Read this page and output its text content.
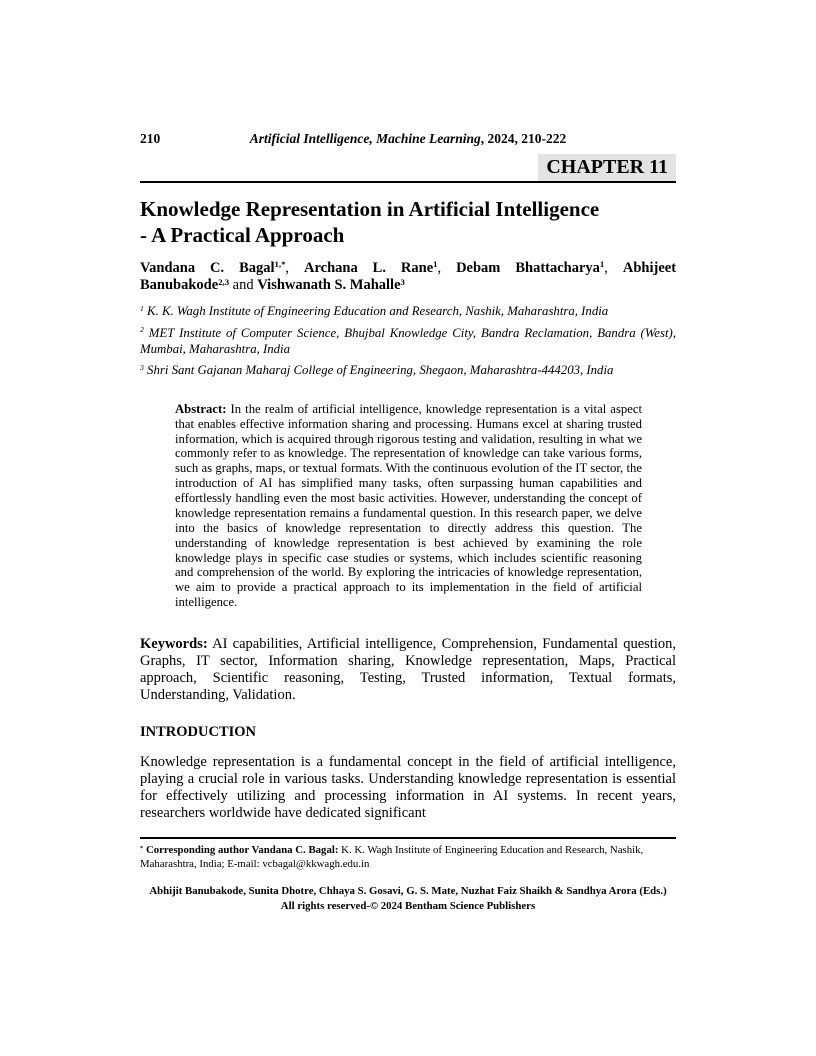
210	Artificial Intelligence, Machine Learning, 2024, 210-222
CHAPTER 11
Knowledge Representation in Artificial Intelligence
- A Practical Approach

Vandana C. Bagal$^{1,*}$, Archana L. Rane$^1$, Debam Bhattacharya$^1$, Abhijeet Banubakode$^{2,3}$ and Vishwanath S. Mahalle$^3$

$^1$ K. K. Wagh Institute of Engineering Education and Research, Nashik, Maharashtra, India

$^2$ MET Institute of Computer Science, Bhujbal Knowledge City, Bandra Reclamation, Bandra (West), Mumbai, Maharashtra, India

$^3$ Shri Sant Gajanan Maharaj College of Engineering, Shegaon, Maharashtra-444203, India

Abstract: In the realm of artificial intelligence, knowledge representation is a vital aspect that enables effective information sharing and processing. Humans excel at sharing trusted information, which is acquired through rigorous testing and validation, resulting in what we commonly refer to as knowledge. The representation of knowledge can take various forms, such as graphs, maps, or textual formats. With the continuous evolution of the IT sector, the introduction of AI has simplified many tasks, often surpassing human capabilities and effortlessly handling even the most basic activities. However, understanding the concept of knowledge representation remains a fundamental question. In this research paper, we delve into the basics of knowledge representation to directly address this question. The understanding of knowledge representation is best achieved by examining the role knowledge plays in specific case studies or systems, which includes scientific reasoning and comprehension of the world. By exploring the intricacies of knowledge representation, we aim to provide a practical approach to its implementation in the field of artificial intelligence.

Keywords: AI capabilities, Artificial intelligence, Comprehension, Fundamental question, Graphs, IT sector, Information sharing, Knowledge representation, Maps, Practical approach, Scientific reasoning, Testing, Trusted information, Textual formats, Understanding, Validation.

INTRODUCTION

Knowledge representation is a fundamental concept in the field of artificial intelligence, playing a crucial role in various tasks. Understanding knowledge representation is essential for effectively utilizing and processing information in AI systems. In recent years, researchers worldwide have dedicated significant

* Corresponding author Vandana C. Bagal: K. K. Wagh Institute of Engineering Education and Research, Nashik, Maharashtra, India; E-mail: vcbagal@kkwagh.edu.in

Abhijit Banubakode, Sunita Dhotre, Chhaya S. Gosavi, G. S. Mate, Nuzhat Faiz Shaikh & Sandhya Arora (Eds.)
All rights reserved-© 2024 Bentham Science Publishers
